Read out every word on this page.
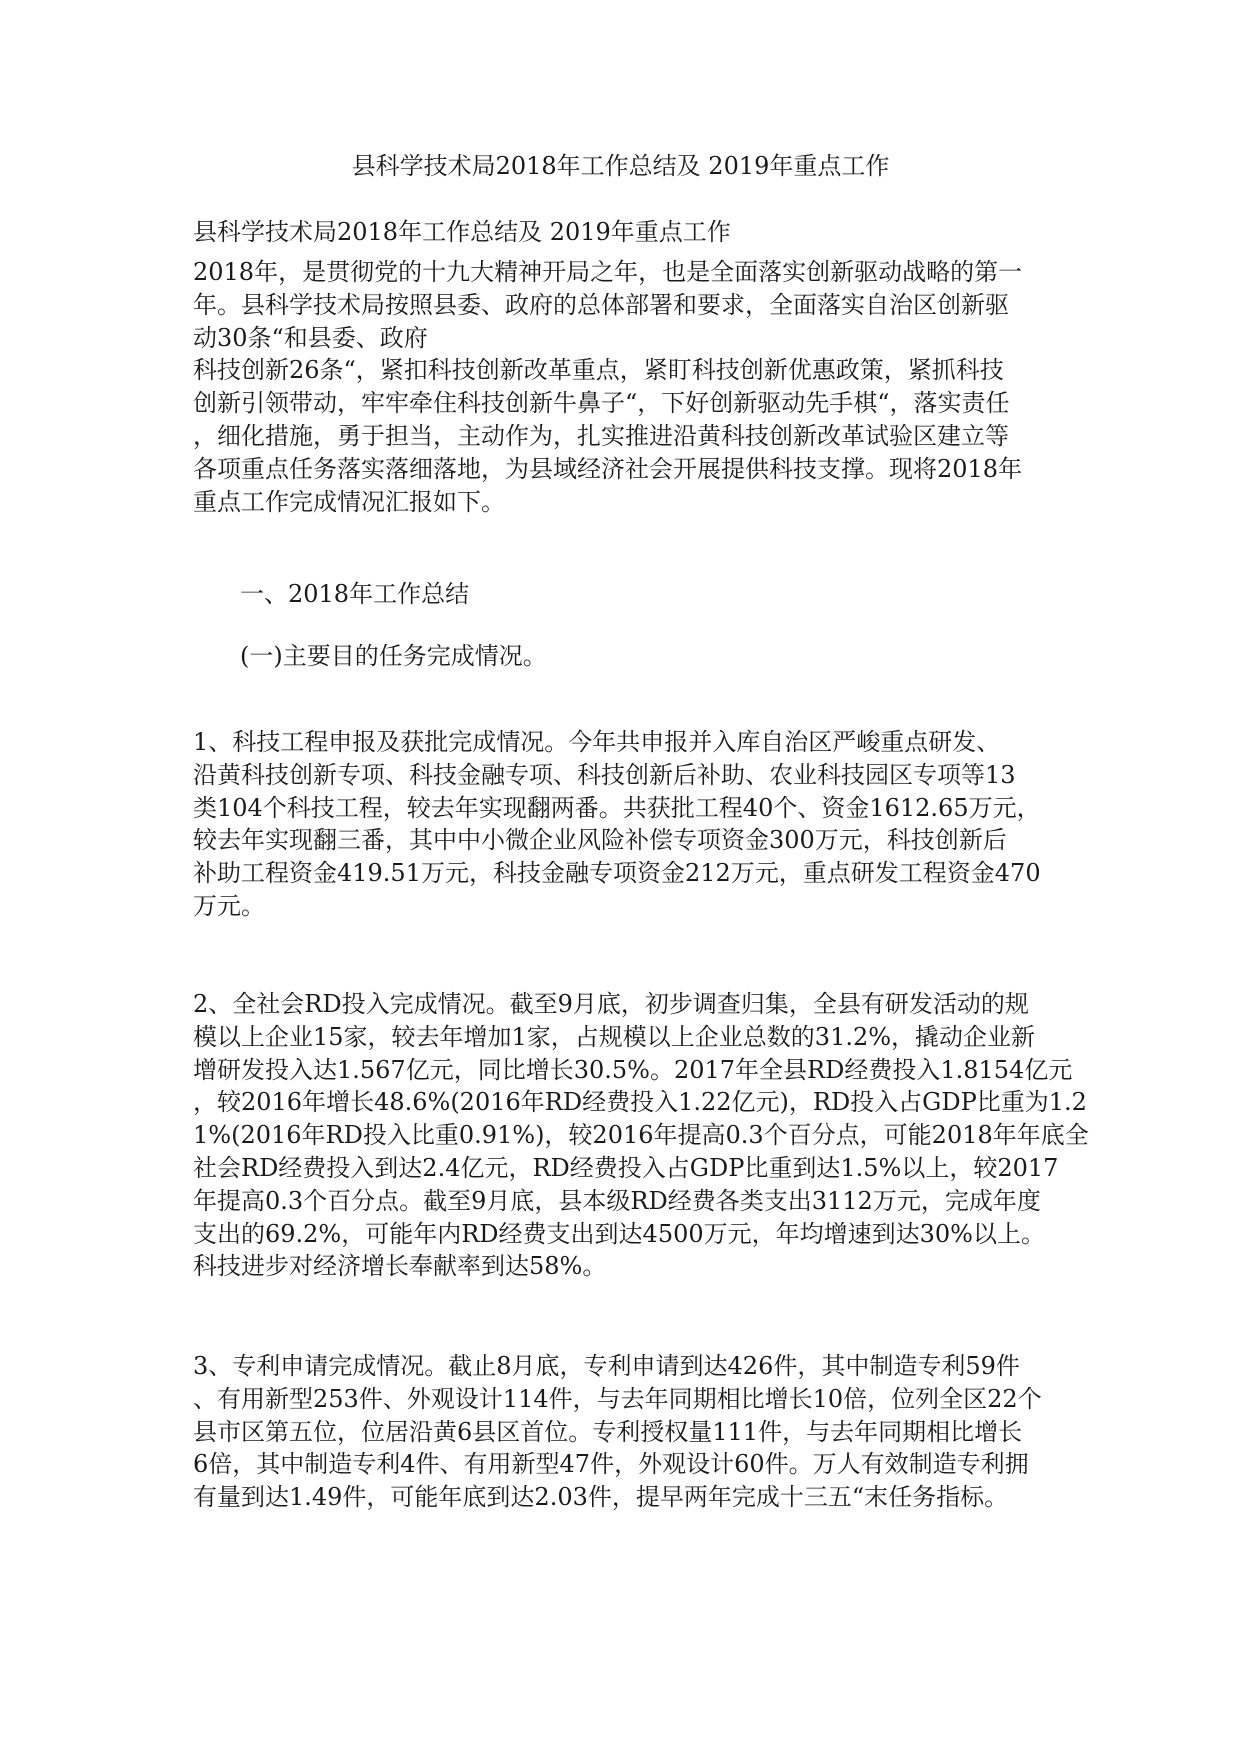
县科学技术局2018年工作总结及 2019年重点工作
县科学技术局2018年工作总结及 2019年重点工作

2018年，是贯彻党的十九大精神开局之年，也是全面落实创新驱动战略的第一
年。县科学技术局按照县委、政府的总体部署和要求，全面落实自治区创新驱
动30条“和县委、政府
科技创新26条“，紧扣科技创新改革重点，紧盯科技创新优惠政策，紧抓科技
创新引领带动，牢牢牵住科技创新牛鼻子“，下好创新驱动先手棋“，落实责任
，细化措施，勇于担当，主动作为，扎实推进沿黄科技创新改革试验区建立等
各项重点任务落实落细落地，为县域经济社会开展提供科技支撑。现将2018年
重点工作完成情况汇报如下。

一、2018年工作总结
(一)主要目的任务完成情况。

1、科技工程申报及获批完成情况。今年共申报并入库自治区严峻重点研发、
沿黄科技创新专项、科技金融专项、科技创新后补助、农业科技园区专项等13
类104个科技工程，较去年实现翻两番。共获批工程40个、资金1612.65万元，
较去年实现翻三番，其中中小微企业风险补偿专项资金300万元，科技创新后
补助工程资金419.51万元，科技金融专项资金212万元，重点研发工程资金470
万元。

2、全社会RD投入完成情况。截至9月底，初步调查归集，全县有研发活动的规
模以上企业15家，较去年增加1家，占规模以上企业总数的31.2%，撬动企业新
增研发投入达1.567亿元，同比增长30.5%。2017年全县RD经费投入1.8154亿元
，较2016年增长48.6%(2016年RD经费投入1.22亿元)，RD投入占GDP比重为1.2
1%(2016年RD投入比重0.91%)，较2016年提高0.3个百分点，可能2018年年底全
社会RD经费投入到达2.4亿元，RD经费投入占GDP比重到达1.5%以上，较2017
年提高0.3个百分点。截至9月底，县本级RD经费各类支出3112万元，完成年度
支出的69.2%，可能年内RD经费支出到达4500万元，年均增速到达30%以上。
科技进步对经济增长奉献率到达58%。

3、专利申请完成情况。截止8月底，专利申请到达426件，其中制造专利59件
、有用新型253件、外观设计114件，与去年同期相比增长10倍，位列全区22个
县市区第五位，位居沿黄6县区首位。专利授权量111件，与去年同期相比增长
6倍，其中制造专利4件、有用新型47件，外观设计60件。万人有效制造专利拥
有量到达1.49件，可能年底到达2.03件，提早两年完成十三五“末任务指标。
